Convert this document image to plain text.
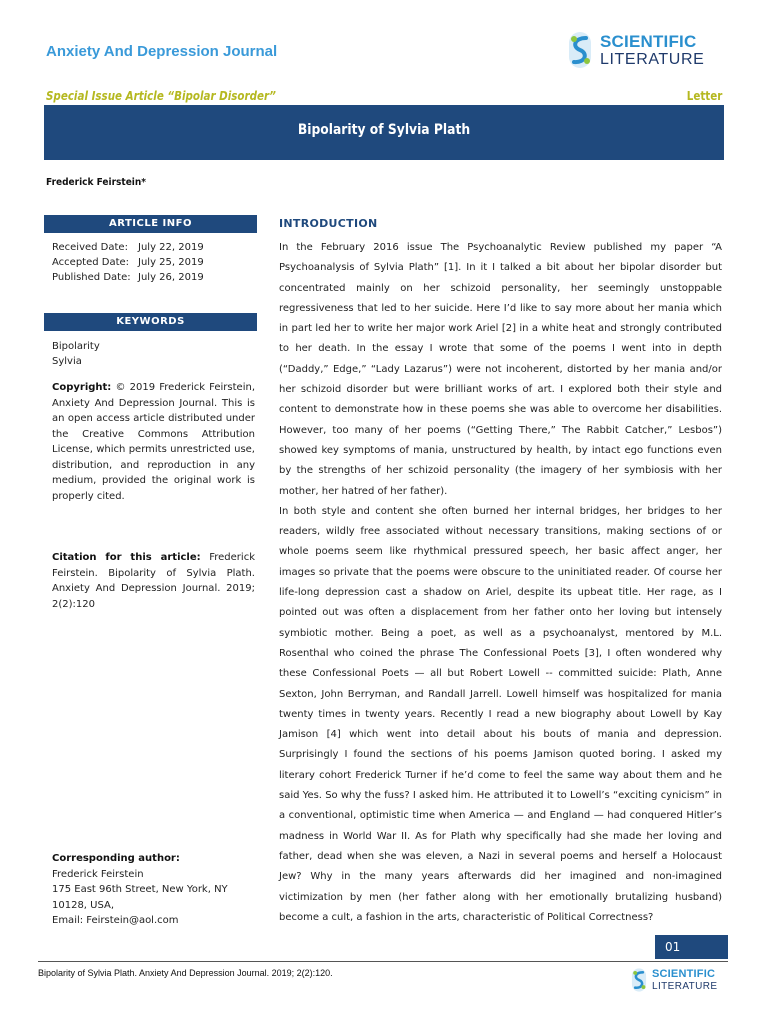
Anxiety And Depression Journal
SCIENTIFIC
LITERATURE
Special Issue Article “Bipolar Disorder”	Letter
Bipolarity of Sylvia Plath
Frederick Feirstein*
ARTICLE INFO
Received Date: July 22, 2019
Accepted Date: July 25, 2019
Published Date: July 26, 2019
KEYWORDS
Bipolarity
Sylvia
Copyright: © 2019 Frederick Feirstein, Anxiety And Depression Journal. This is an open access article distributed under the Creative Commons Attribution License, which permits unrestricted use, distribution, and reproduction in any medium, provided the original work is properly cited.
Citation for this article: Frederick Feirstein. Bipolarity of Sylvia Plath. Anxiety And Depression Journal. 2019; 2(2):120
Corresponding author:
Frederick Feirstein
175 East 96th Street, New York, NY
10128, USA,
Email: Feirstein@aol.com
INTRODUCTION

In the February 2016 issue The Psychoanalytic Review published my paper “A Psychoanalysis of Sylvia Plath” [1]. In it I talked a bit about her bipolar disorder but concentrated mainly on her schizoid personality, her seemingly unstoppable regressiveness that led to her suicide. Here I’d like to say more about her mania which in part led her to write her major work Ariel [2] in a white heat and strongly contributed to her death. In the essay I wrote that some of the poems I went into in depth (“Daddy,” Edge,” “Lady Lazarus”) were not incoherent, distorted by her mania and/or her schizoid disorder but were brilliant works of art. I explored both their style and content to demonstrate how in these poems she was able to overcome her disabilities. However, too many of her poems (“Getting There,” The Rabbit Catcher,” Lesbos”) showed key symptoms of mania, unstructured by health, by intact ego functions even by the strengths of her schizoid personality (the imagery of her symbiosis with her mother, her hatred of her father).

In both style and content she often burned her internal bridges, her bridges to her readers, wildly free associated without necessary transitions, making sections of or whole poems seem like rhythmical pressured speech, her basic affect anger, her images so private that the poems were obscure to the uninitiated reader. Of course her life-long depression cast a shadow on Ariel, despite its upbeat title. Her rage, as I pointed out was often a displacement from her father onto her loving but intensely symbiotic mother. Being a poet, as well as a psychoanalyst, mentored by M.L. Rosenthal who coined the phrase The Confessional Poets [3], I often wondered why these Confessional Poets — all but Robert Lowell -- committed suicide: Plath, Anne Sexton, John Berryman, and Randall Jarrell. Lowell himself was hospitalized for mania twenty times in twenty years. Recently I read a new biography about Lowell by Kay Jamison [4] which went into detail about his bouts of mania and depression. Surprisingly I found the sections of his poems Jamison quoted boring. I asked my literary cohort Frederick Turner if he’d come to feel the same way about them and he said Yes. So why the fuss? I asked him. He attributed it to Lowell’s “exciting cynicism” in a conventional, optimistic time when America — and England — had conquered Hitler’s madness in World War II. As for Plath why specifically had she made her loving and father, dead when she was eleven, a Nazi in several poems and herself a Holocaust Jew? Why in the many years afterwards did her imagined and non-imagined victimization by men (her father along with her emotionally brutalizing husband) become a cult, a fashion in the arts, characteristic of Political Correctness?

01
Bipolarity of Sylvia Plath. Anxiety And Depression Journal. 2019; 2(2):120.	SCIENTIFIC
LITERATURE
